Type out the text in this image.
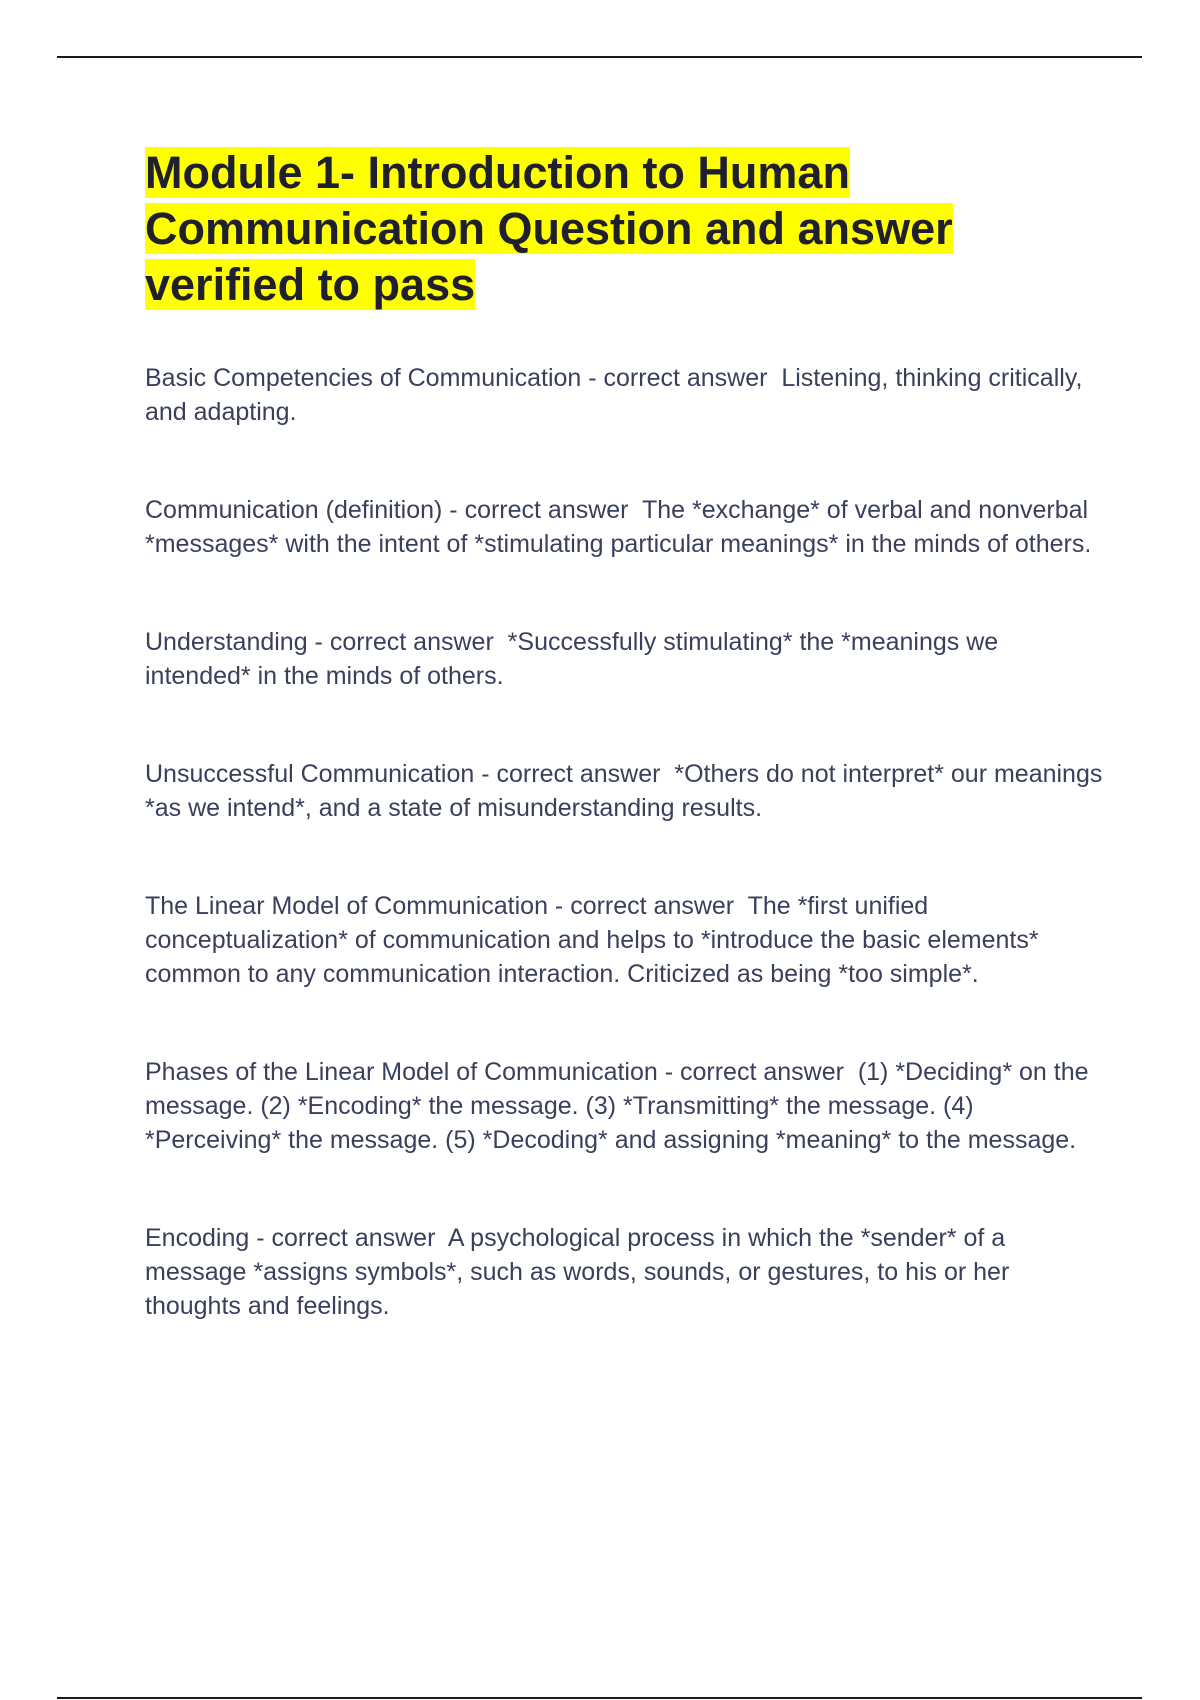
Module 1- Introduction to Human Communication Question and answer verified to pass

Basic Competencies of Communication - correct answer  Listening, thinking critically, and adapting.

Communication (definition) - correct answer  The *exchange* of verbal and nonverbal *messages* with the intent of *stimulating particular meanings* in the minds of others.

Understanding - correct answer  *Successfully stimulating* the *meanings we intended* in the minds of others.

Unsuccessful Communication - correct answer  *Others do not interpret* our meanings *as we intend*, and a state of misunderstanding results.

The Linear Model of Communication - correct answer  The *first unified conceptualization* of communication and helps to *introduce the basic elements* common to any communication interaction. Criticized as being *too simple*.

Phases of the Linear Model of Communication - correct answer  (1) *Deciding* on the message. (2) *Encoding* the message. (3) *Transmitting* the message. (4) *Perceiving* the message. (5) *Decoding* and assigning *meaning* to the message.

Encoding - correct answer  A psychological process in which the *sender* of a message *assigns symbols*, such as words, sounds, or gestures, to his or her thoughts and feelings.
